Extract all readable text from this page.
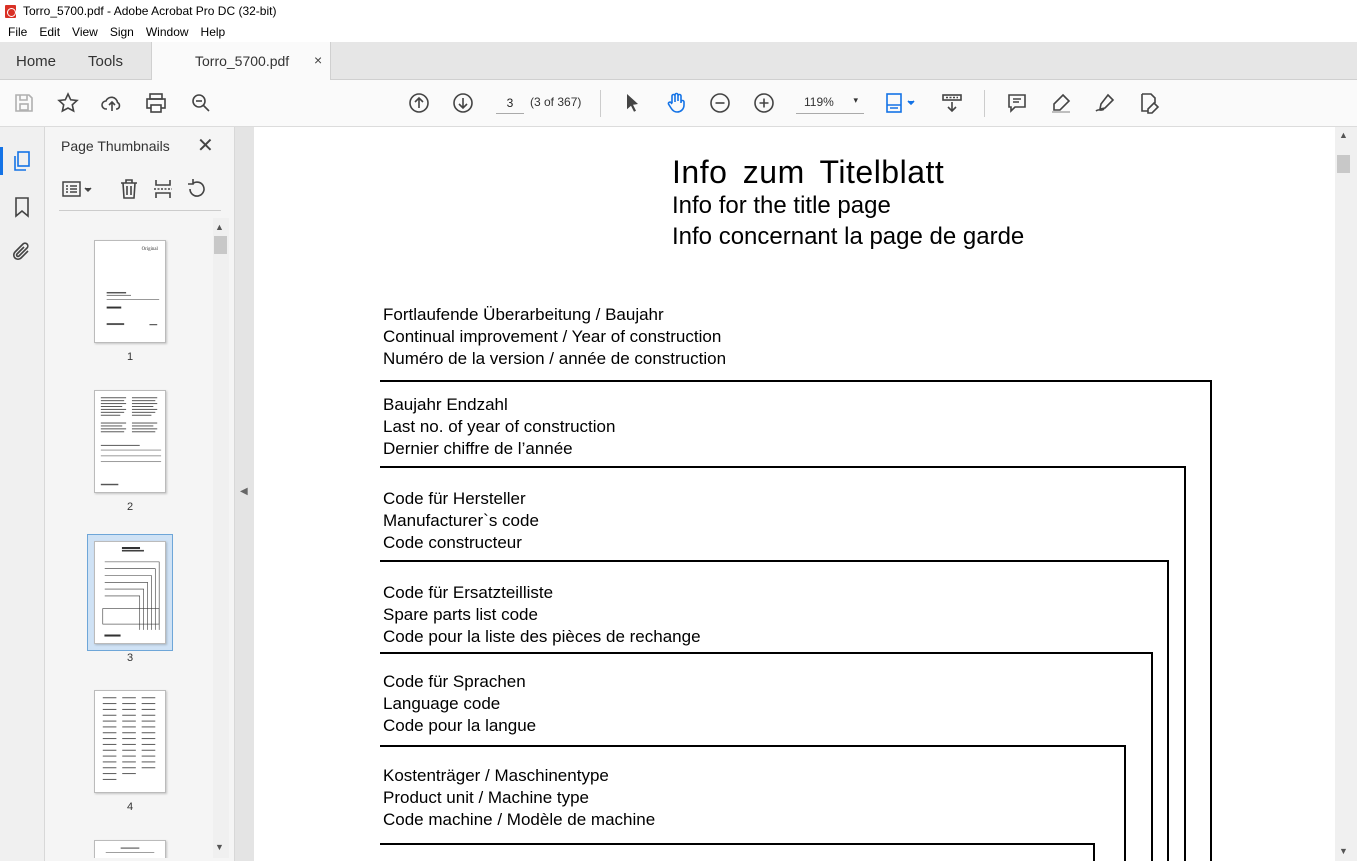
Torro_5700.pdf - Adobe Acrobat Pro DC (32-bit)
File	Edit	View	Sign	Window	Help
Home Tools	Torro_5700.pdf ×
3
(3 of 367)	119% ▾
Page Thumbnails ✕
Original
1
2
3
4
▲
▼
◀
Info zum Titelblatt
Info for the title page
Info concernant la page de garde
Fortlaufende Überarbeitung / Baujahr
Continual improvement / Year of construction
Numéro de la version / année de construction
Baujahr Endzahl
Last no. of year of construction
Dernier chiffre de l’année
Code für Hersteller
Manufacturer`s code
Code constructeur
Code für Ersatzteilliste
Spare parts list code
Code pour la liste des pièces de rechange
Code für Sprachen
Language code
Code pour la langue
Kostenträger / Maschinentype
Product unit / Machine type
Code machine / Modèle de machine
▲
▼
